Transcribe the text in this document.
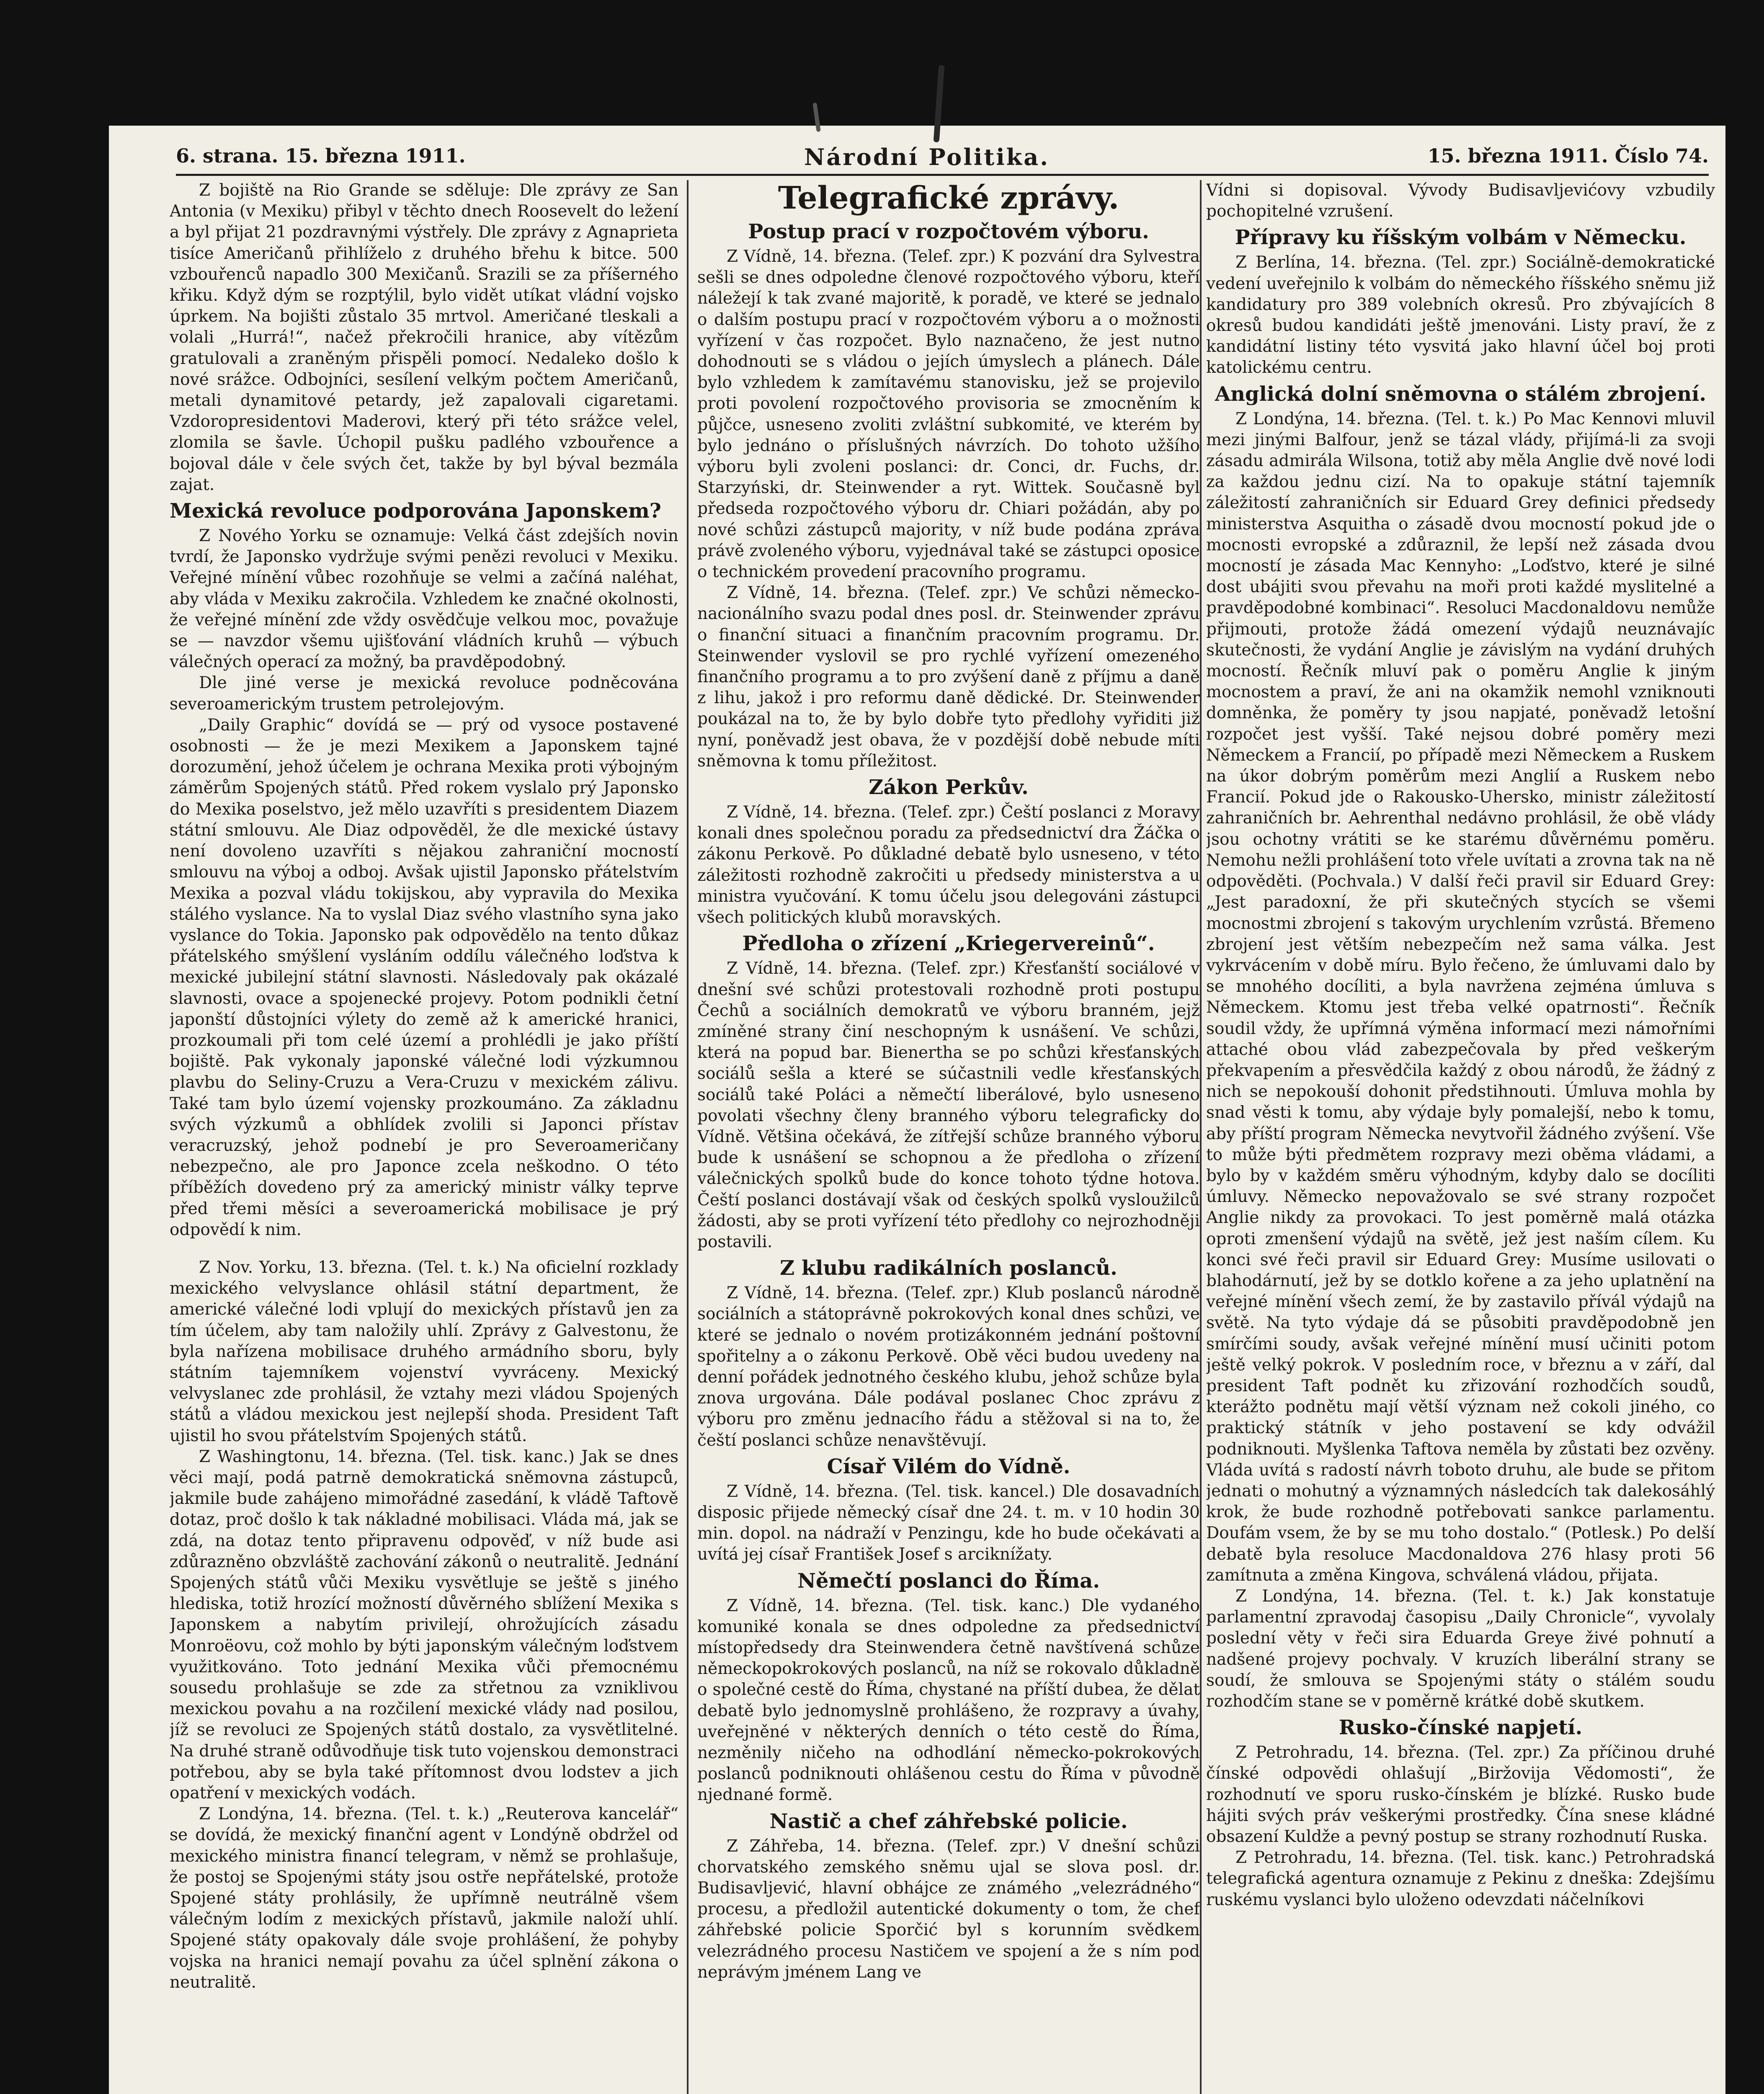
6. strana. 15. března 1911.	Národní Politika.	15. března 1911. Číslo 74.

Z bojiště na Rio Grande se sděluje: Dle zprávy ze San Antonia (v Mexiku) přibyl v těchto dnech Roosevelt do ležení a byl přijat 21 pozdravnými výstřely. Dle zprávy z Agnaprieta tisíce Američanů přihlíželo z druhého břehu k bitce. 500 vzbouřenců napadlo 300 Mexičanů. Srazili se za příšerného křiku. Když dým se rozptýlil, bylo vidět utíkat vládní vojsko úprkem. Na bojišti zůstalo 35 mrtvol. Američané tleskali a volali „Hurrá!“, načež překročili hranice, aby vítězům gratulovali a zraněným přispěli pomocí. Nedaleko došlo k nové srážce. Odbojníci, sesílení velkým počtem Američanů, metali dynamitové petardy, jež zapalovali cigaretami. Vzdoropresidentovi Maderovi, který při této srážce velel, zlomila se šavle. Úchopil pušku padlého vzbouřence a bojoval dále v čele svých čet, takže by byl býval bezmála zajat.

Mexická revoluce podporována Japonskem?

Z Nového Yorku se oznamuje: Velká část zdejších novin tvrdí, že Japonsko vydržuje svými penězi revoluci v Mexiku. Veřejné mínění vůbec rozohňuje se velmi a začíná naléhat, aby vláda v Mexiku zakročila. Vzhledem ke značné okolnosti, že veřejné mínění zde vždy osvědčuje velkou moc, považuje se — navzdor všemu ujišťování vládních kruhů — výbuch válečných operací za možný, ba pravděpodobný.

Dle jiné verse je mexická revoluce podněcována severoamerickým trustem petrolejovým.

„Daily Graphic“ dovídá se — prý od vysoce postavené osobnosti — že je mezi Mexikem a Japonskem tajné dorozumění, jehož účelem je ochrana Mexika proti výbojným záměrům Spojených států. Před rokem vyslalo prý Japonsko do Mexika poselstvo, jež mělo uzavříti s presidentem Diazem státní smlouvu. Ale Diaz odpověděl, že dle mexické ústavy není dovoleno uzavříti s nějakou zahraniční mocností smlouvu na výboj a odboj. Avšak ujistil Japonsko přátelstvím Mexika a pozval vládu tokijskou, aby vypravila do Mexika stálého vyslance. Na to vyslal Diaz svého vlastního syna jako vyslance do Tokia. Japonsko pak odpovědělo na tento důkaz přátelského smýšlení vysláním oddílu válečného loďstva k mexické jubilejní státní slavnosti. Následovaly pak okázalé slavnosti, ovace a spojenecké projevy. Potom podnikli četní japonští důstojníci výlety do země až k americké hranici, prozkoumali při tom celé území a prohlédli je jako příští bojiště. Pak vykonaly japonské válečné lodi výzkumnou plavbu do Seliny-Cruzu a Vera-Cruzu v mexickém zálivu. Také tam bylo území vojensky prozkoumáno. Za základnu svých výzkumů a obhlídek zvolili si Japonci přístav veracruzský, jehož podnebí je pro Severoameričany nebezpečno, ale pro Japonce zcela neškodno. O této příběžích dovedeno prý za americký ministr války teprve před třemi měsíci a severoamerická mobilisace je prý odpovědí k nim.

Z Nov. Yorku, 13. března. (Tel. t. k.) Na oficielní rozklady mexického velvyslance ohlásil státní department, že americké válečné lodi vplují do mexických přístavů jen za tím účelem, aby tam naložily uhlí. Zprávy z Galvestonu, že byla nařízena mobilisace druhého armádního sboru, byly státním tajemníkem vojenství vyvráceny. Mexický velvyslanec zde prohlásil, že vztahy mezi vládou Spojených států a vládou mexickou jest nejlepší shoda. President Taft ujistil ho svou přátelstvím Spojených států.

Z Washingtonu, 14. března. (Tel. tisk. kanc.) Jak se dnes věci mají, podá patrně demokratická sněmovna zástupců, jakmile bude zahájeno mimořádné zasedání, k vládě Taftově dotaz, proč došlo k tak nákladné mobilisaci. Vláda má, jak se zdá, na dotaz tento připravenu odpověď, v níž bude asi zdůrazněno obzvláště zachování zákonů o neutralitě. Jednání Spojených států vůči Mexiku vysvětluje se ještě s jiného hlediska, totiž hrozící možností důvěrného sblížení Mexika s Japonskem a nabytím privilejí, ohrožujících zásadu Monroëovu, což mohlo by býti japonským válečným loďstvem využitkováno. Toto jednání Mexika vůči přemocnému sousedu prohlašuje se zde za střetnou za vzniklivou mexickou povahu a na rozčilení mexické vlády nad posilou, jíž se revoluci ze Spojených států dostalo, za vysvětlitelné. Na druhé straně odůvodňuje tisk tuto vojenskou demonstraci potřebou, aby se byla také přítomnost dvou lodstev a jich opatření v mexických vodách.

Z Londýna, 14. března. (Tel. t. k.) „Reuterova kancelář“ se dovídá, že mexický finanční agent v Londýně obdržel od mexického ministra financí telegram, v němž se prohlašuje, že postoj se Spojenými státy jsou ostře nepřátelské, protože Spojené státy prohlásily, že upřímně neutrálně všem válečným lodím z mexických přístavů, jakmile naloží uhlí. Spojené státy opakovaly dále svoje prohlášení, že pohyby vojska na hranici nemají povahu za účel splnění zákona o neutralitě.

Telegrafické zprávy.
Postup prací v rozpočtovém výboru.

Z Vídně, 14. března. (Telef. zpr.) K pozvání dra Sylvestra sešli se dnes odpoledne členové rozpočtového výboru, kteří náležejí k tak zvané majoritě, k poradě, ve které se jednalo o dalším postupu prací v rozpočtovém výboru a o možnosti vyřízení v čas rozpočet. Bylo naznačeno, že jest nutno dohodnouti se s vládou o jejích úmyslech a plánech. Dále bylo vzhledem k zamítavému stanovisku, jež se projevilo proti povolení rozpočtového provisoria se zmocněním k půjčce, usneseno zvoliti zvláštní subkomité, ve kterém by bylo jednáno o příslušných návrzích. Do tohoto užšího výboru byli zvoleni poslanci: dr. Conci, dr. Fuchs, dr. Starzyński, dr. Steinwender a ryt. Wittek. Současně byl předseda rozpočtového výboru dr. Chiari požádán, aby po nové schůzi zástupců majority, v níž bude podána zpráva právě zvoleného výboru, vyjednával také se zástupci oposice o technickém provedení pracovního programu.

Z Vídně, 14. března. (Telef. zpr.) Ve schůzi německo-nacionálního svazu podal dnes posl. dr. Steinwender zprávu o finanční situaci a finančním pracovním programu. Dr. Steinwender vyslovil se pro rychlé vyřízení omezeného finančního programu a to pro zvýšení daně z příjmu a daně z lihu, jakož i pro reformu daně dědické. Dr. Steinwender poukázal na to, že by bylo dobře tyto předlohy vyřiditi již nyní, poněvadž jest obava, že v pozdější době nebude míti sněmovna k tomu příležitost.

Zákon Perkův.

Z Vídně, 14. března. (Telef. zpr.) Čeští poslanci z Moravy konali dnes společnou poradu za předsednictví dra Žáčka o zákonu Perkově. Po důkladné debatě bylo usneseno, v této záležitosti rozhodně zakročiti u předsedy ministerstva a u ministra vyučování. K tomu účelu jsou delegováni zástupci všech politických klubů moravských.

Předloha o zřízení „Kriegervereinů“.

Z Vídně, 14. března. (Telef. zpr.) Křesťanští sociálové v dnešní své schůzi protestovali rozhodně proti postupu Čechů a sociálních demokratů ve výboru branném, jejž zmíněné strany činí neschopným k usnášení. Ve schůzi, která na popud bar. Bienertha se po schůzi křesťanských sociálů sešla a které se súčastnili vedle křesťanských sociálů také Poláci a němečtí liberálové, bylo usneseno povolati všechny členy branného výboru telegraficky do Vídně. Většina očekává, že zítřejší schůze branného výboru bude k usnášení se schopnou a že předloha o zřízení válečnických spolků bude do konce tohoto týdne hotova. Čeští poslanci dostávají však od českých spolků vysloužilců žádosti, aby se proti vyřízení této předlohy co nejrozhodněji postavili.

Z klubu radikálních poslanců.

Z Vídně, 14. března. (Telef. zpr.) Klub poslanců národně sociálních a státoprávně pokrokových konal dnes schůzi, ve které se jednalo o novém protizákonném jednání poštovní spořitelny a o zákonu Perkově. Obě věci budou uvedeny na denní pořádek jednotného českého klubu, jehož schůze byla znova urgována. Dále podával poslanec Choc zprávu z výboru pro změnu jednacího řádu a stěžoval si na to, že čeští poslanci schůze nenavštěvují.

Císař Vilém do Vídně.

Z Vídně, 14. března. (Tel. tisk. kancel.) Dle dosavadních disposic přijede německý císař dne 24. t. m. v 10 hodin 30 min. dopol. na nádraží v Penzingu, kde ho bude očekávati a uvítá jej císař František Josef s arciknížaty.

Němečtí poslanci do Říma.

Z Vídně, 14. března. (Tel. tisk. kanc.) Dle vydaného komuniké konala se dnes odpoledne za předsednictví místopředsedy dra Steinwendera četně navštívená schůze německopokrokových poslanců, na níž se rokovalo důkladně o společné cestě do Říma, chystané na příští dubea, že dělat debatě bylo jednomyslně prohlášeno, že rozpravy a úvahy, uveřejněné v některých denních o této cestě do Říma, nezměnily ničeho na odhodlání německo-pokrokových poslanců podniknouti ohlášenou cestu do Říma v původně njednané formě.

Nastič a chef záhřebské policie.

Z Záhřeba, 14. března. (Telef. zpr.) V dnešní schůzi chorvatského zemského sněmu ujal se slova posl. dr. Budisavljević, hlavní obhájce ze známého „velezrádného“ procesu, a předložil autentické dokumenty o tom, že chef záhřebské policie Sporčić byl s korunním svědkem velezrádného procesu Nastičem ve spojení a že s ním pod neprávým jménem Lang ve

Vídni si dopisoval. Vývody Budisavljevićovy vzbudily pochopitelné vzrušení.

Přípravy ku říšským volbám v Německu.

Z Berlína, 14. března. (Tel. zpr.) Sociálně-demokratické vedení uveřejnilo k volbám do německého říšského sněmu již kandidatury pro 389 volebních okresů. Pro zbývajících 8 okresů budou kandidáti ještě jmenováni. Listy praví, že z kandidátní listiny této vysvitá jako hlavní účel boj proti katolickému centru.

Anglická dolní sněmovna o stálém zbrojení.

Z Londýna, 14. března. (Tel. t. k.) Po Mac Kennovi mluvil mezi jinými Balfour, jenž se tázal vlády, přijímá-li za svoji zásadu admirála Wilsona, totiž aby měla Anglie dvě nové lodi za každou jednu cizí. Na to opakuje státní tajemník záležitostí zahraničních sir Eduard Grey definici předsedy ministerstva Asquitha o zásadě dvou mocností pokud jde o mocnosti evropské a zdůraznil, že lepší než zásada dvou mocností je zásada Mac Kennyho: „Loďstvo, které je silné dost ubájiti svou převahu na moři proti každé myslitelné a pravděpodobné kombinaci“. Resoluci Macdonaldovu nemůže přijmouti, protože žádá omezení výdajů neuznávajíc skutečnosti, že vydání Anglie je závislým na vydání druhých mocností. Řečník mluví pak o poměru Anglie k jiným mocnostem a praví, že ani na okamžik nemohl vzniknouti domněnka, že poměry ty jsou napjaté, poněvadž letošní rozpočet jest vyšší. Také nejsou dobré poměry mezi Německem a Francií, po případě mezi Německem a Ruskem na úkor dobrým poměrům mezi Anglií a Ruskem nebo Francií. Pokud jde o Rakousko-Uhersko, ministr záležitostí zahraničních br. Aehrenthal nedávno prohlásil, že obě vlády jsou ochotny vrátiti se ke starému důvěrnému poměru. Nemohu nežli prohlášení toto vřele uvítati a zrovna tak na ně odpověděti. (Pochvala.) V další řeči pravil sir Eduard Grey: „Jest paradoxní, že při skutečných stycích se všemi mocnostmi zbrojení s takovým urychlením vzrůstá. Břemeno zbrojení jest větším nebezpečím než sama válka. Jest vykrvácením v době míru. Bylo řečeno, že úmluvami dalo by se mnohého docíliti, a byla navržena zejména úmluva s Německem. Ktomu jest třeba velké opatrnosti“. Řečník soudil vždy, že upřímná výměna informací mezi námořními attaché obou vlád zabezpečovala by před veškerým překvapením a přesvědčila každý z obou národů, že žádný z nich se nepokouší dohonit předstihnouti. Úmluva mohla by snad věsti k tomu, aby výdaje byly pomalejší, nebo k tomu, aby příští program Německa nevytvořil žádného zvýšení. Vše to může býti předmětem rozpravy mezi oběma vládami, a bylo by v každém směru výhodným, kdyby dalo se docíliti úmluvy. Německo nepovažovalo se své strany rozpočet Anglie nikdy za provokaci. To jest poměrně malá otázka oproti zmenšení výdajů na světě, jež jest naším cílem. Ku konci své řeči pravil sir Eduard Grey: Musíme usilovati o blahodárnutí, jež by se dotklo kořene a za jeho uplatnění na veřejné mínění všech zemí, že by zastavilo přívál výdajů na světě. Na tyto výdaje dá se působiti pravděpodobně jen smírčími soudy, avšak veřejné mínění musí učiniti potom ještě velký pokrok. V posledním roce, v březnu a v září, dal president Taft podnět ku zřizování rozhodčích soudů, kterážto podnětu mají větší význam než cokoli jiného, co praktický státník v jeho postavení se kdy odvážil podniknouti. Myšlenka Taftova neměla by zůstati bez ozvěny. Vláda uvítá s radostí návrh toboto druhu, ale bude se přitom jednati o mohutný a významných následcích tak dalekosáhlý krok, že bude rozhodně potřebovati sankce parlamentu. Doufám vsem, že by se mu toho dostalo.“ (Potlesk.) Po delší debatě byla resoluce Macdonaldova 276 hlasy proti 56 zamítnuta a změna Kingova, schválená vládou, přijata.

Z Londýna, 14. března. (Tel. t. k.) Jak konstatuje parlamentní zpravodaj časopisu „Daily Chronicle“, vyvolaly poslední věty v řeči sira Eduarda Greye živé pohnutí a nadšené projevy pochvaly. V kruzích liberální strany se soudí, že smlouva se Spojenými státy o stálém soudu rozhodčím stane se v poměrně krátké době skutkem.

Rusko-čínské napjetí.

Z Petrohradu, 14. března. (Tel. zpr.) Za příčinou druhé čínské odpovědi ohlašují „Biržovija Vědomosti“, že rozhodnutí ve sporu rusko-čínském je blízké. Rusko bude hájiti svých práv veškerými prostředky. Čína snese kládné obsazení Kuldže a pevný postup se strany rozhodnutí Ruska.

Z Petrohradu, 14. března. (Tel. tisk. kanc.) Petrohradská telegrafická agentura oznamuje z Pekinu z dneška: Zdejšímu ruskému vyslanci bylo uloženo odevzdati náčelníkovi
